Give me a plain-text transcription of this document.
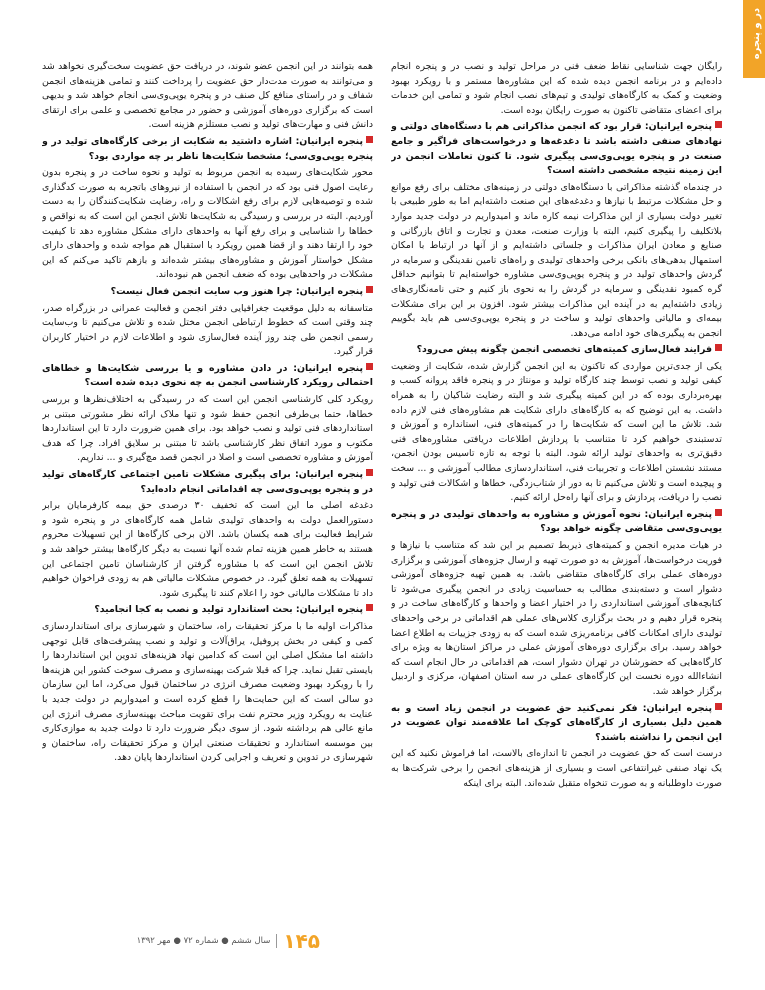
در و پنجره

رایگان جهت شناسایی نقاط ضعف فنی در مراحل تولید و نصب در و پنجره انجام داده‌ایم و در برنامه انجمن دیده شده که این مشاوره‌ها مستمر و با رویکرد بهبود وضعیت و کمک به کارگاه‌های تولیدی و تیم‌های نصب انجام شود و تمامی این خدمات برای اعضای متقاضی تاکنون به صورت رایگان بوده است.

پنجره ایرانیان: قرار بود که انجمن مذاکراتی هم با دستگاه‌های دولتی و نهادهای صنفی داشته باشد تا دغدغه‌ها و درخواست‌های فراگیر و جامع صنعت در و پنجره یوپی‌وی‌سی پیگیری شود. تا کنون تعاملات انجمن در این زمینه نتیجه مشخصی داشته است؟

در چندماه گذشته مذاکراتی با دستگاه‌های دولتی در زمینه‌های مختلف برای رفع موانع و حل مشکلات مرتبط با نیازها و دغدغه‌های این صنعت داشته‌ایم اما به طور طبیعی با تغییر دولت بسیاری از این مذاکرات نیمه کاره ماند و امیدواریم در دولت جدید موارد بلاتکلیف را پیگیری کنیم، البته با وزارت صنعت، معدن و تجارت و اتاق بازرگانی و صنایع و معادن ایران مذاکرات و جلساتی داشته‌ایم و از آنها در ارتباط با امکان استمهال بدهی‌های بانکی برخی واحدهای تولیدی و راه‌های تامین نقدینگی و سرمایه در گردش واحدهای تولید در و پنجره یوپی‌وی‌سی مشاوره خواسته‌ایم تا بتوانیم حداقل گره کمبود نقدینگی و سرمایه در گردش را به نحوی باز کنیم و حتی نامه‌نگاری‌های زیادی داشته‌ایم به در آینده این مذاکرات بیشتر شود. افزون بر این برای مشکلات بیمه‌ای و مالیاتی واحدهای تولید و ساخت در و پنجره یوپی‌وی‌سی هم باید بگوییم انجمن به پیگیری‌های خود ادامه می‌دهد.

فرایند فعال‌سازی کمیته‌های تخصصی انجمن چگونه پیش می‌رود؟

یکی از جدی‌ترین مواردی که تاکنون به این انجمن گزارش شده، شکایت از وضعیت کیفی تولید و نصب توسط چند کارگاه تولید و مونتاژ در و پنجره فاقد پروانه کسب و بهره‌برداری بوده که در این کمیته پیگیری شد و البته رضایت شاکیان را به همراه داشت. به این توضیح که به کارگاه‌های دارای شکایت هم مشاوره‌های فنی لازم داده شد. تلاش ما این است که شکایت‌ها را در کمیته‌های فنی، استانداره و آموزش و تدستبندی خواهیم کرد تا متناسب با پردازش اطلاعات دریافتی مشاوره‌های فنی دقیق‌تری به واحدهای تولید ارائه شود. البته با توجه به تازه تاسیس بودن انجمن، مستند نشستن اطلاعات و تجربیات فنی، استانداردسازی مطالب آموزشی و ... سخت و پیچیده است و تلاش می‌کنیم تا به دور از شتاب‌زدگی، خطاها و اشکالات فنی تولید و نصب را دریافت، پردازش و برای آنها راه‌حل ارائه کنیم.

پنجره ایرانیان: نحوه آموزش و مشاوره به واحدهای تولیدی در و پنجره یوپی‌وی‌سی متقاضی چگونه خواهد بود؟

در هیات مدیره انجمن و کمیته‌های ذیربط تصمیم بر این شد که متناسب با نیازها و فوریت درخواست‌ها، آموزش به دو صورت تهیه و ارسال جزوه‌های آموزشی و برگزاری دوره‌های عملی برای کارگاه‌های متقاضی باشد. به همین تهیه جزوه‌های آموزشی دشوار است و دسته‌بندی مطالب به حساسیت زیادی در انجمن پیگیری می‌شود تا کتابچه‌های آموزشی استانداردی را در اختیار اعضا و واحدها و کارگاه‌های ساخت در و پنجره قرار دهیم و در بحث برگزاری کلاس‌های عملی هم اقداماتی در برخی واحدهای تولیدی دارای امکانات کافی برنامه‌ریزی شده است که به زودی جزییات به اطلاع اعضا خواهد رسید. برای برگزاری دوره‌های آموزش عملی در مراکز استان‌ها به ویژه برای کارگاه‌هایی که حضورشان در تهران دشوار است، هم اقداماتی در حال انجام است که انشاءالله دوره نخست این کارگاه‌های عملی در سه استان اصفهان، مرکزی و اردبیل برگزار خواهد شد.

پنجره ایرانیان: فکر نمی‌کنید حق عضویت در انجمن زیاد است و به همین دلیل بسیاری از کارگاه‌های کوچک اما علاقه‌مند توان عضویت در این انجمن را نداشته باشند؟

درست است که حق عضویت در انجمن تا اندازه‌ای بالاست، اما فراموش نکنید که این یک نهاد صنفی غیرانتفاعی است و بسیاری از هزینه‌های انجمن را برخی شرکت‌ها به صورت داوطلبانه و به صورت تنخواه متقبل شده‌اند. البته برای اینکه

همه بتوانند در این انجمن عضو شوند، در دریافت حق عضویت سخت‌گیری نخواهد شد و می‌توانند به صورت مدت‌دار حق عضویت را پرداخت کنند و تمامی هزینه‌های انجمن شفاف و در راستای منافع کل صنف در و پنجره یوپی‌وی‌سی انجام خواهد شد و بدیهی است که برگزاری دوره‌های آموزشی و حضور در مجامع تخصصی و علمی برای ارتقای دانش فنی و مهارت‌های تولید و نصب مستلزم هزینه است.

پنجره ایرانیان: اشاره داشتید به شکایت از برخی کارگاه‌های تولید در و پنجره یوپی‌وی‌سی؛ مشخصا شکایت‌ها ناظر بر چه مواردی بود؟

محور شکایت‌های رسیده به انجمن مربوط به تولید و نحوه ساخت در و پنجره بدون رعایت اصول فنی بود که در انجمن با استفاده از نیروهای باتجربه به صورت کدگذاری شده و توصیه‌هایی لازم برای رفع اشکالات و راه، رضایت شکایت‌کنندگان را به دست آوردیم. البته در بررسی و رسیدگی به شکایت‌ها تلاش انجمن این است که به نواقص و خطاها را شناسایی و برای رفع آنها به واحدهای دارای مشکل مشاوره دهد تا کیفیت خود را ارتقا دهند و از قضا همین رویکرد با استقبال هم مواجه شده و واحدهای دارای مشکل خواستار آموزش و مشاوره‌های بیشتر شده‌اند و بازهم تاکید می‌کنم که این مشکلات در واحدهایی بوده که ضعف انجمن هم نبوده‌اند.

پنجره ایرانیان: چرا هنوز وب سایت انجمن فعال نیست؟

متاسفانه به دلیل موقعیت جغرافیایی دفتر انجمن و فعالیت عمرانی در بزرگراه صدر، چند وقتی است که خطوط ارتباطی انجمن مختل شده و تلاش می‌کنیم تا وب‌سایت رسمی انجمن طی چند روز آینده فعال‌سازی شود و اطلاعات لازم در اختیار کاربران قرار گیرد.

پنجره ایرانیان: در دادن مشاوره و یا بررسی شکایت‌ها و خطاهای احتمالی رویکرد کارشناسی انجمن به چه نحوی دیده شده است؟

رویکرد کلی کارشناسی انجمن این است که در رسیدگی به اختلاف‌نظرها و بررسی خطاها، حتما بی‌طرفی انجمن حفظ شود و تنها ملاک ارائه نظر مشورتی مبتنی بر استانداردهای فنی تولید و نصب خواهد بود. برای همین ضرورت دارد تا این استانداردها مکتوب و مورد اتفاق نظر کارشناسی باشد تا مبتنی بر سلایق افراد. چرا که هدف آموزش و مشاوره تخصصی است و اصلا در انجمن قصد مچ‌گیری و ... نداریم.

پنجره ایرانیان: برای پیگیری مشکلات تامین اجتماعی کارگاه‌های تولید در و پنجره یوپی‌وی‌سی چه اقداماتی انجام داده‌اید؟

دغدغه اصلی ما این است که تخفیف ۳۰ درصدی حق بیمه کارفرمایان برابر دستورالعمل دولت به واحدهای تولیدی شامل همه کارگاه‌های در و پنجره شود و شرایط فعالیت برای همه یکسان باشد. الان برخی کارگاه‌ها از این تسهیلات محروم هستند به خاطر همین هزینه تمام شده آنها نسبت به دیگر کارگاه‌ها بیشتر خواهد شد و تلاش انجمن این است که با مشاوره گرفتن از کارشناسان تامین اجتماعی این تسهیلات به همه تعلق گیرد. در خصوص مشکلات مالیاتی هم به زودی فراخوان خواهیم داد تا مشکلات مالیاتی خود را اعلام کنند تا پیگیری شود.

پنجره ایرانیان: بحث استاندارد تولید و نصب به کجا انجامید؟

مذاکرات اولیه ما با مرکز تحقیقات راه، ساختمان و شهرسازی برای استانداردسازی کمی و کیفی در بخش پروفیل، یراق‌آلات و تولید و نصب پیشرفت‌های قابل توجهی داشته اما مشکل اصلی این است که کدامین نهاد هزینه‌های تدوین این استانداردها را بایستی تقبل نماید. چرا که قبلا شرکت بهینه‌سازی و مصرف سوخت کشور این هزینه‌ها را با رویکرد بهبود وضعیت مصرف انرژی در ساختمان قبول می‌کرد، اما این سازمان دو سالی است که این حمایت‌ها را قطع کرده است و امیدواریم در دولت جدید با عنایت به رویکرد وزیر محترم نفت برای تقویت مباحث بهینه‌سازی مصرف انرژی این مانع عالی هم برداشته شود. از سوی دیگر ضرورت دارد تا دولت جدید به موازی‌کاری بین موسسه استاندارد و تحقیقات صنعتی ایران و مرکز تحقیقات راه، ساختمان و شهرسازی در تدوین و تعریف و اجرایی کردن استانداردها پایان دهد.

۱۴۵
سال ششم ● شماره ۷۲ ● مهر ۱۳۹۲
